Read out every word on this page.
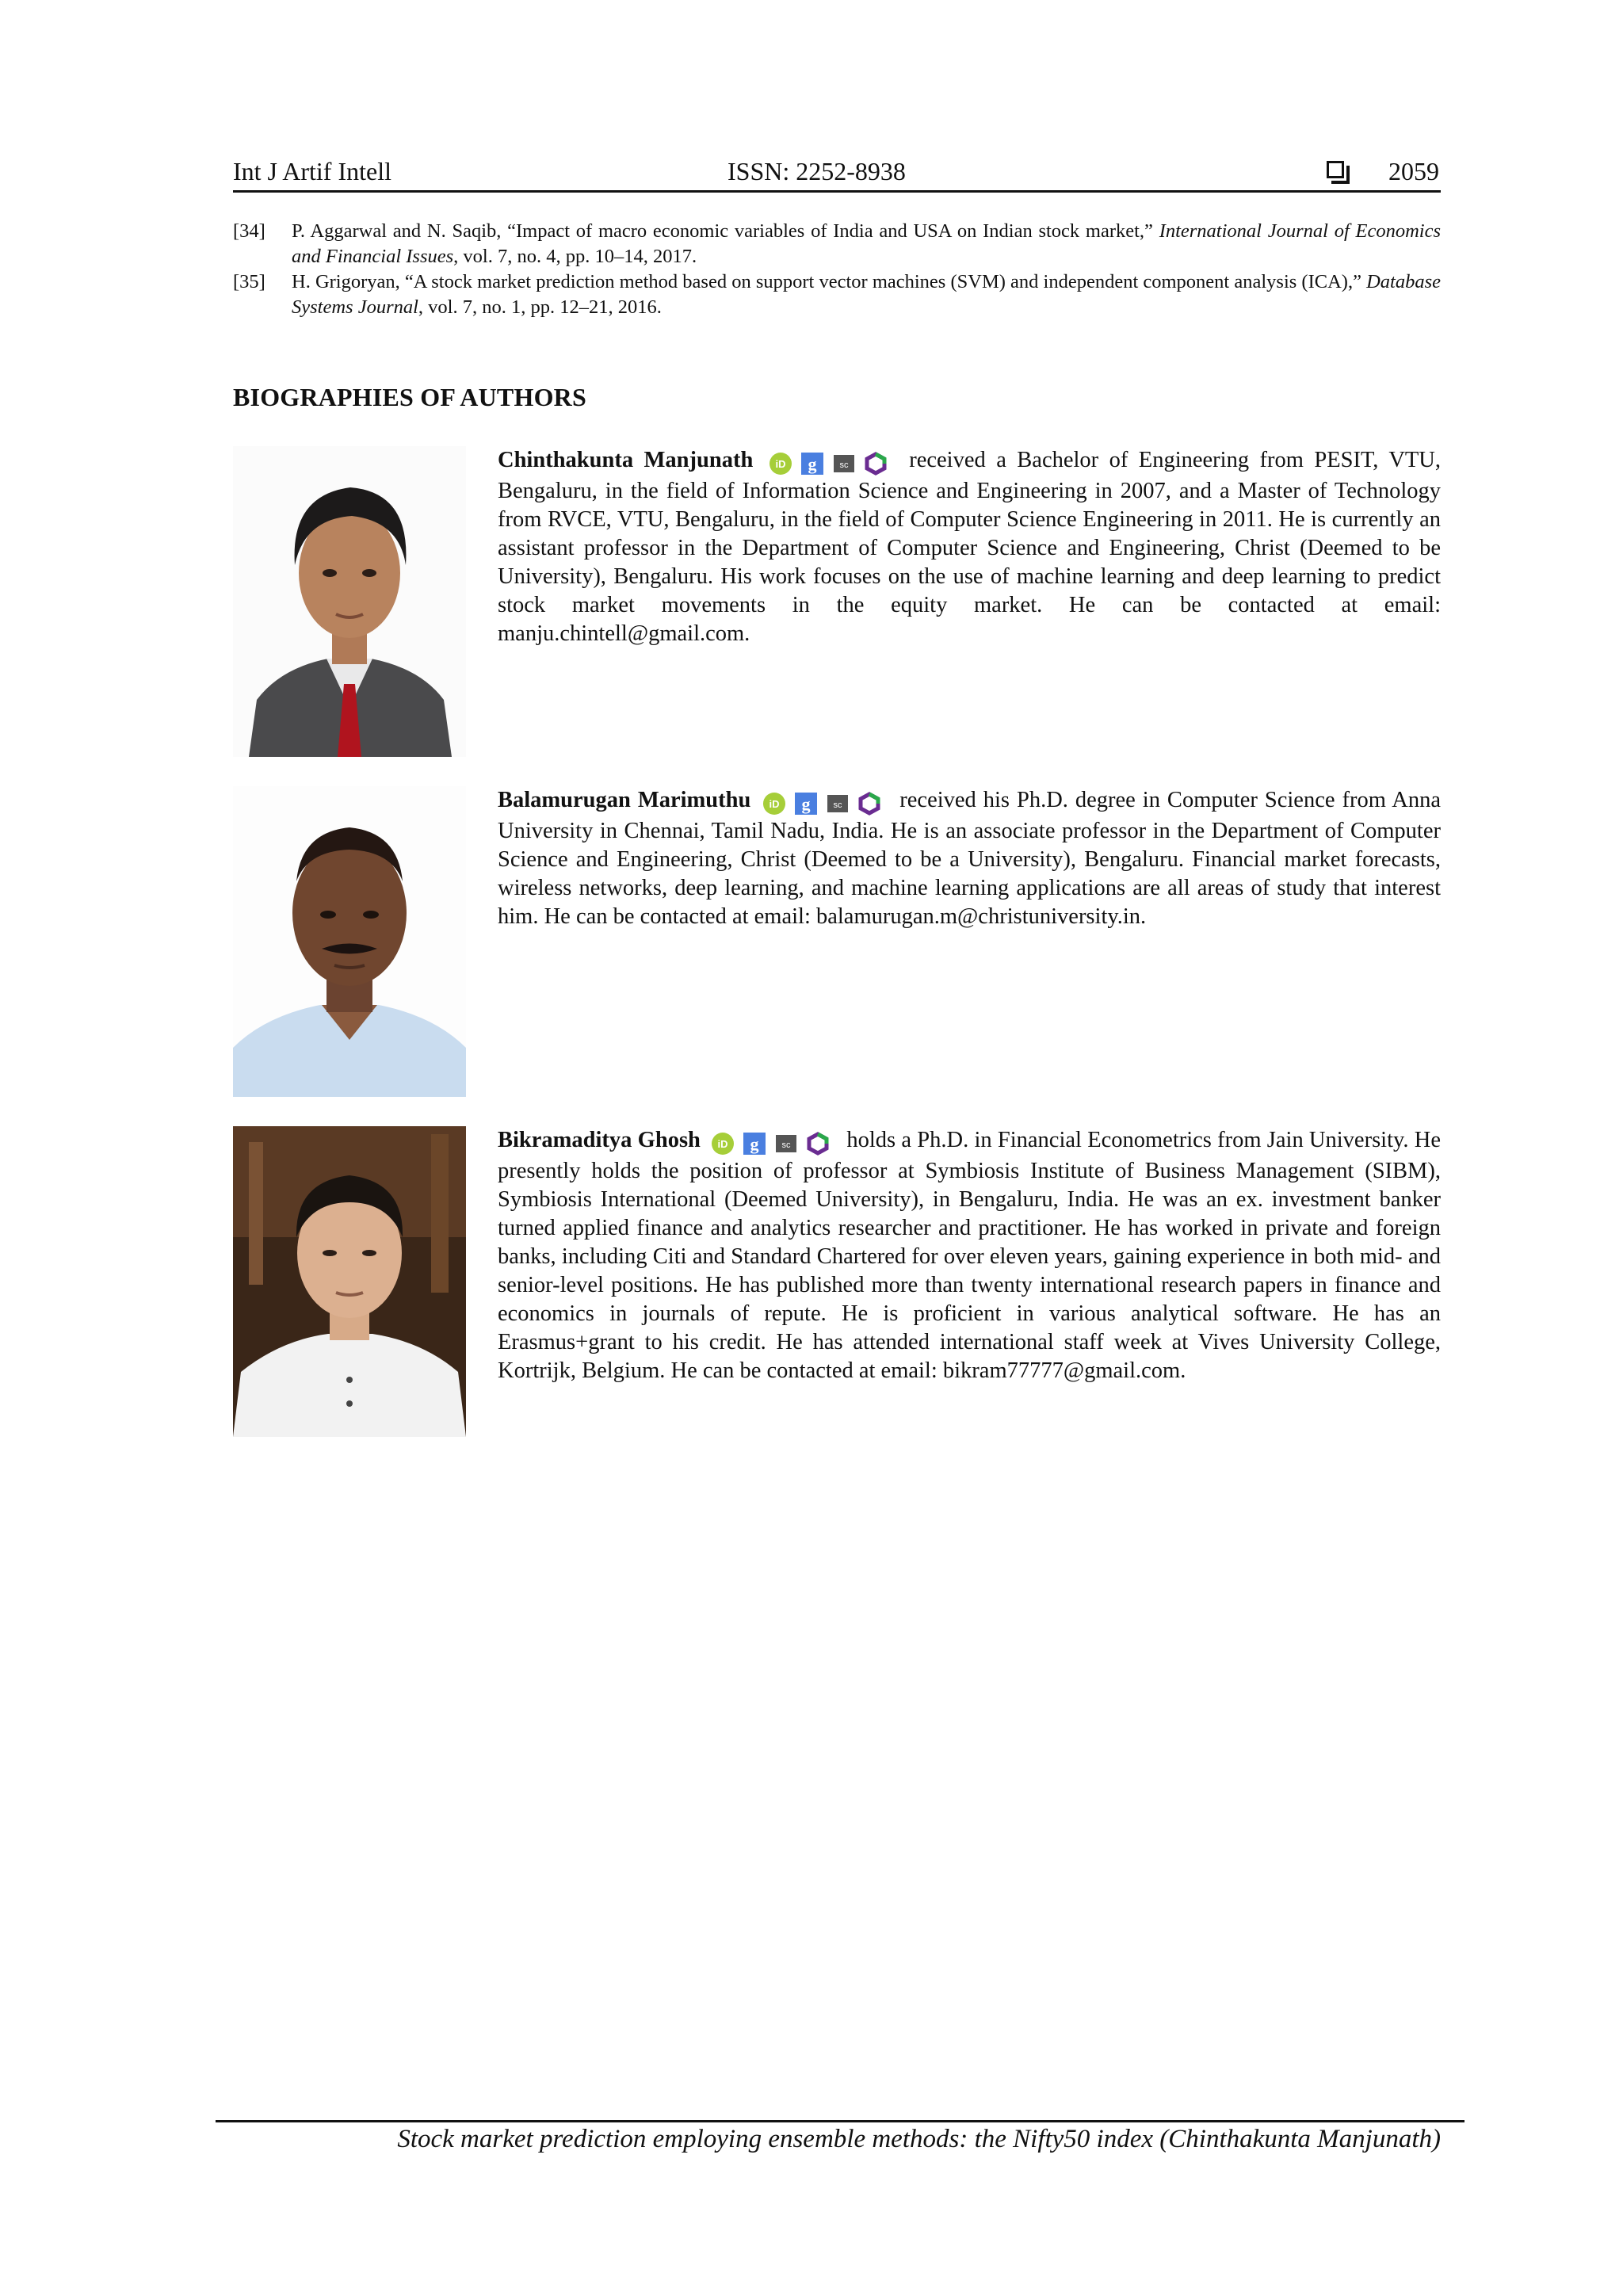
Int J Artif Intell	ISSN: 2252-8938	2059
[34] P. Aggarwal and N. Saqib, “Impact of macro economic variables of India and USA on Indian stock market,” International Journal of Economics and Financial Issues, vol. 7, no. 4, pp. 10–14, 2017.
[35] H. Grigoryan, “A stock market prediction method based on support vector machines (SVM) and independent component analysis (ICA),” Database Systems Journal, vol. 7, no. 1, pp. 12–21, 2016.
BIOGRAPHIES OF AUTHORS
Chinthakunta Manjunath iD g	sc	received a Bachelor of Engineering from PESIT, VTU, Bengaluru, in the field of Information Science and Engineering in 2007, and a Master of Technology from RVCE, VTU, Bengaluru, in the field of Computer Science Engineering in 2011. He is currently an assistant professor in the Department of Computer Science and Engineering, Christ (Deemed to be University), Bengaluru. His work focuses on the use of machine learning and deep learning to predict stock market movements in the equity market. He can be contacted at email: manju.chintell@gmail.com.
Balamurugan Marimuthu iD g	sc	received his Ph.D. degree in Computer Science from Anna University in Chennai, Tamil Nadu, India. He is an associate professor in the Department of Computer Science and Engineering, Christ (Deemed to be a University), Bengaluru. Financial market forecasts, wireless networks, deep learning, and machine learning applications are all areas of study that interest him. He can be contacted at email: balamurugan.m@christuniversity.in.
Bikramaditya Ghosh iD g	sc holds a Ph.D. in Financial Econometrics from Jain University. He presently holds the position of professor at Symbiosis Institute of Business Management (SIBM), Symbiosis International (Deemed University), in Bengaluru, India. He was an ex. investment banker turned applied finance and analytics researcher and practitioner. He has worked in private and foreign banks, including Citi and Standard Chartered for over eleven years, gaining experience in both mid- and senior-level positions. He has published more than twenty international research papers in finance and economics in journals of repute. He is proficient in various analytical software. He has an Erasmus+grant to his credit. He has attended international staff week at Vives University College, Kortrijk, Belgium. He can be contacted at email: bikram77777@gmail.com.
Stock market prediction employing ensemble methods: the Nifty50 index (Chinthakunta Manjunath)
